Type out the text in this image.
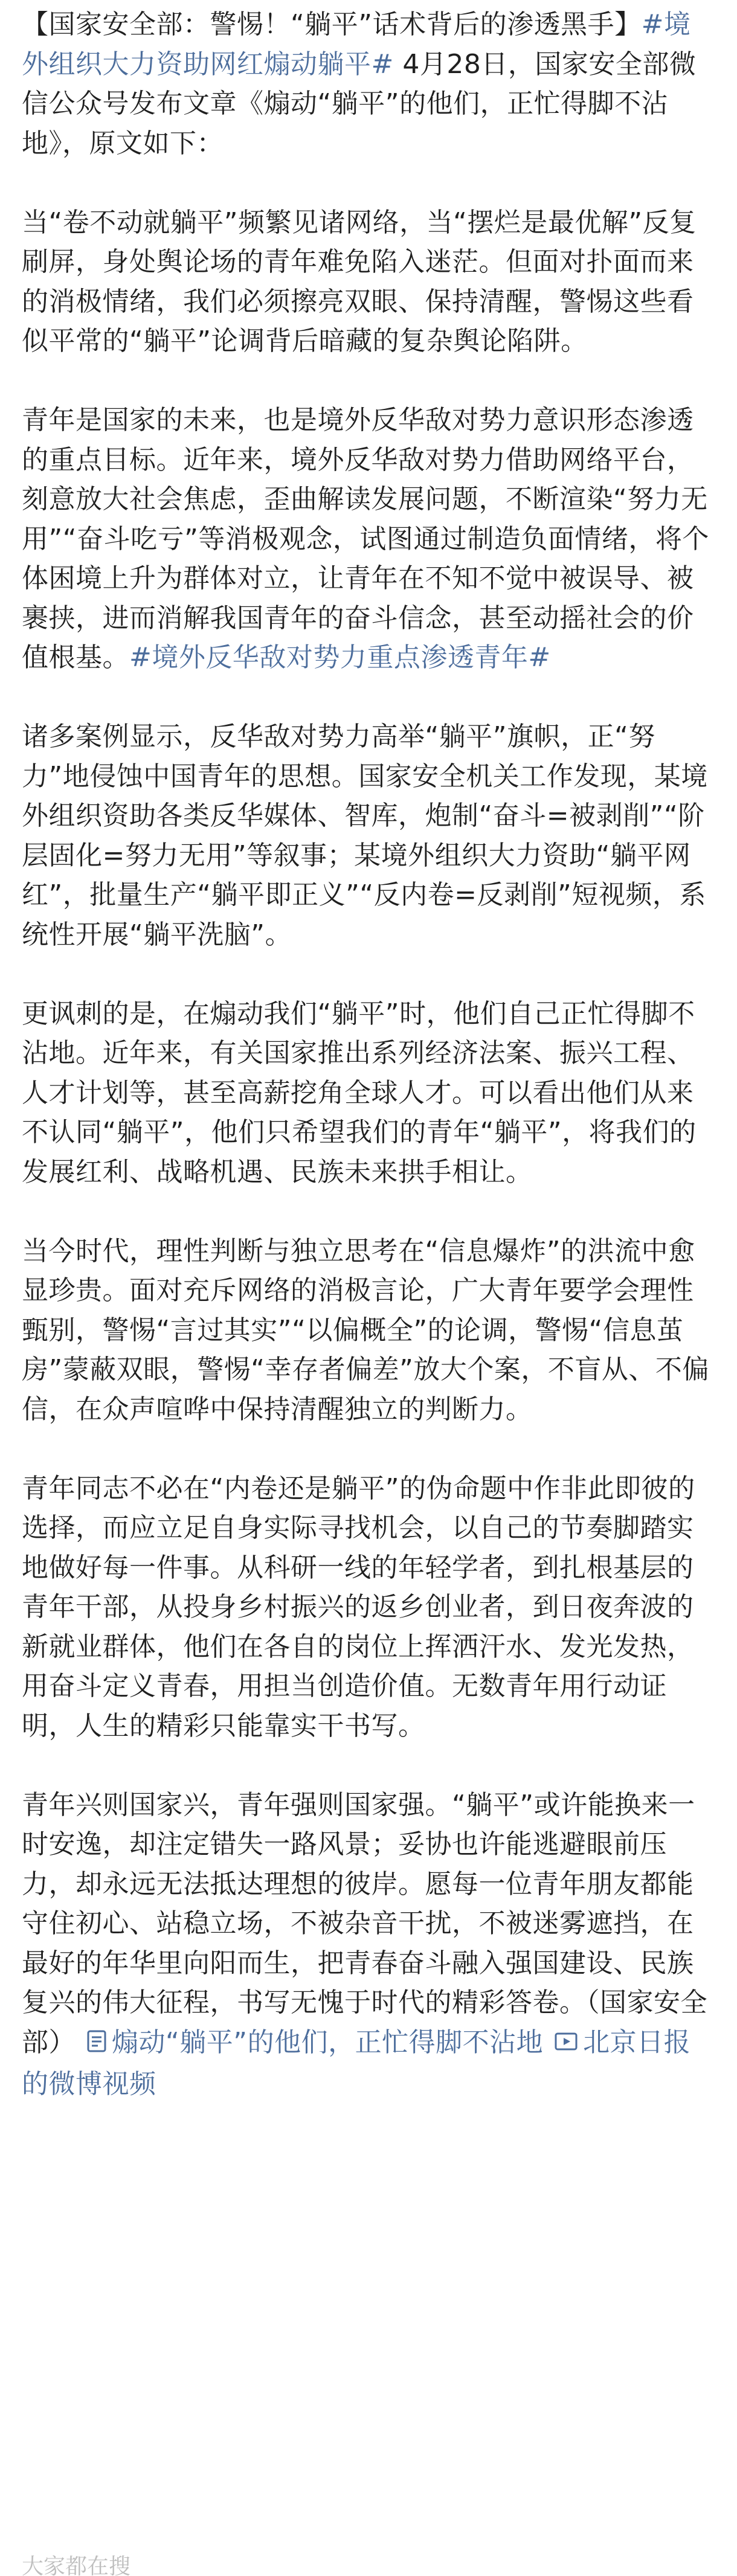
【国家安全部：警惕！“躺平”话术背后的渗透黑手】#境外组织大力资助网红煽动躺平# 4月28日，国家安全部微信公众号发布文章《煽动“躺平”的他们，正忙得脚不沾地》，原文如下：

当“卷不动就躺平”频繁见诸网络，当“摆烂是最优解”反复刷屏，身处舆论场的青年难免陷入迷茫。但面对扑面而来的消极情绪，我们必须擦亮双眼、保持清醒，警惕这些看似平常的“躺平”论调背后暗藏的复杂舆论陷阱。

青年是国家的未来，也是境外反华敌对势力意识形态渗透的重点目标。近年来，境外反华敌对势力借助网络平台，刻意放大社会焦虑，歪曲解读发展问题，不断渲染“努力无用”“奋斗吃亏”等消极观念，试图通过制造负面情绪，将个体困境上升为群体对立，让青年在不知不觉中被误导、被裹挟，进而消解我国青年的奋斗信念，甚至动摇社会的价值根基。#境外反华敌对势力重点渗透青年#

诸多案例显示，反华敌对势力高举“躺平”旗帜，正“努力”地侵蚀中国青年的思想。国家安全机关工作发现，某境外组织资助各类反华媒体、智库，炮制“奋斗=被剥削”“阶层固化=努力无用”等叙事；某境外组织大力资助“躺平网红”，批量生产“躺平即正义”“反内卷=反剥削”短视频，系统性开展“躺平洗脑”。

更讽刺的是，在煽动我们“躺平”时，他们自己正忙得脚不沾地。近年来，有关国家推出系列经济法案、振兴工程、人才计划等，甚至高薪挖角全球人才。可以看出他们从来不认同“躺平”，他们只希望我们的青年“躺平”，将我们的发展红利、战略机遇、民族未来拱手相让。

当今时代，理性判断与独立思考在“信息爆炸”的洪流中愈显珍贵。面对充斥网络的消极言论，广大青年要学会理性甄别，警惕“言过其实”“以偏概全”的论调，警惕“信息茧房”蒙蔽双眼，警惕“幸存者偏差”放大个案，不盲从、不偏信，在众声喧哗中保持清醒独立的判断力。

青年同志不必在“内卷还是躺平”的伪命题中作非此即彼的选择，而应立足自身实际寻找机会，以自己的节奏脚踏实地做好每一件事。从科研一线的年轻学者，到扎根基层的青年干部，从投身乡村振兴的返乡创业者，到日夜奔波的新就业群体，他们在各自的岗位上挥洒汗水、发光发热，用奋斗定义青春，用担当创造价值。无数青年用行动证明，人生的精彩只能靠实干书写。

青年兴则国家兴，青年强则国家强。“躺平”或许能换来一时安逸，却注定错失一路风景；妥协也许能逃避眼前压力，却永远无法抵达理想的彼岸。愿每一位青年朋友都能守住初心、站稳立场，不被杂音干扰，不被迷雾遮挡，在最好的年华里向阳而生，把青春奋斗融入强国建设、民族复兴的伟大征程，书写无愧于时代的精彩答卷。（国家安全部） 煽动“躺平”的他们，正忙得脚不沾地 北京日报的微博视频

大家都在搜
